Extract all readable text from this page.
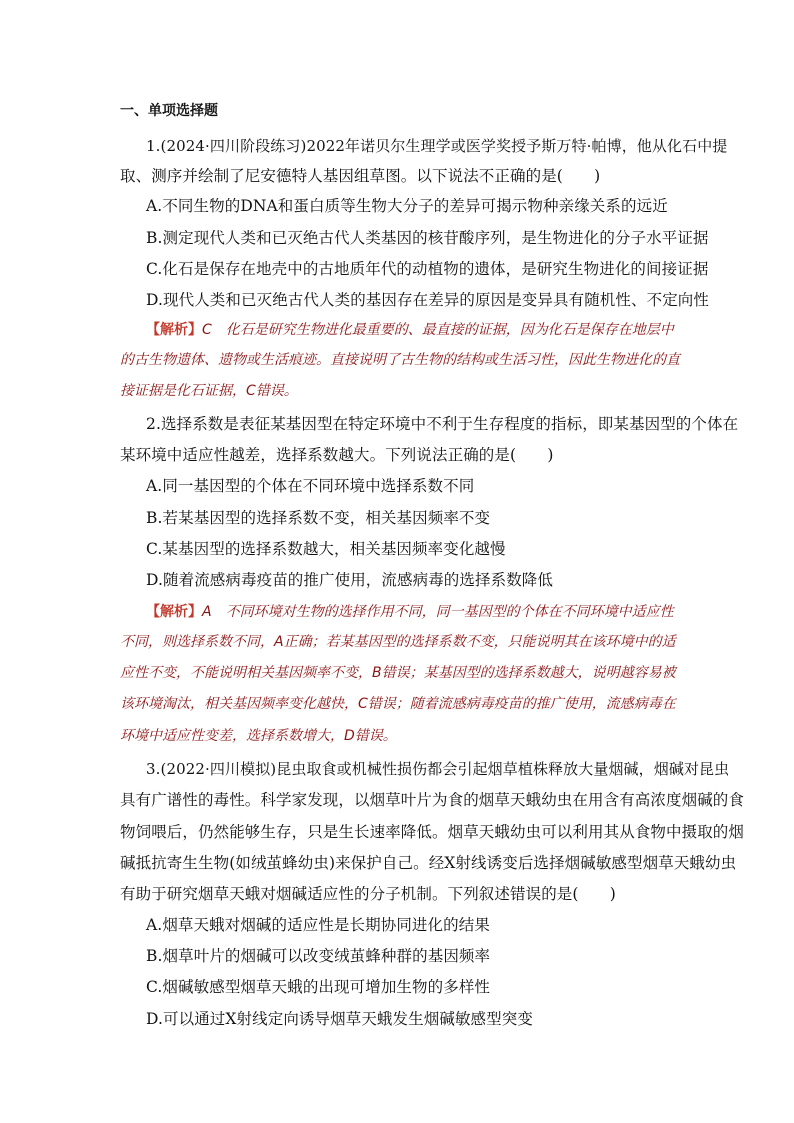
一、单项选择题
1.(2024·四川阶段练习)2022年诺贝尔生理学或医学奖授予斯万特·帕博，他从化石中提
取、测序并绘制了尼安德特人基因组草图。以下说法不正确的是(　　)
A.不同生物的DNA和蛋白质等生物大分子的差异可揭示物种亲缘关系的远近
B.测定现代人类和已灭绝古代人类基因的核苷酸序列，是生物进化的分子水平证据
C.化石是保存在地壳中的古地质年代的动植物的遗体，是研究生物进化的间接证据
D.现代人类和已灭绝古代人类的基因存在差异的原因是变异具有随机性、不定向性
【解析】C　化石是研究生物进化最重要的、最直接的证据，因为化石是保存在地层中
的古生物遗体、遗物或生活痕迹。直接说明了古生物的结构或生活习性，因此生物进化的直
接证据是化石证据，C错误。
2.选择系数是表征某基因型在特定环境中不利于生存程度的指标，即某基因型的个体在
某环境中适应性越差，选择系数越大。下列说法正确的是(　　)
A.同一基因型的个体在不同环境中选择系数不同
B.若某基因型的选择系数不变，相关基因频率不变
C.某基因型的选择系数越大，相关基因频率变化越慢
D.随着流感病毒疫苗的推广使用，流感病毒的选择系数降低
【解析】A　不同环境对生物的选择作用不同，同一基因型的个体在不同环境中适应性
不同，则选择系数不同，A正确；若某基因型的选择系数不变，只能说明其在该环境中的适
应性不变，不能说明相关基因频率不变，B错误；某基因型的选择系数越大，说明越容易被
该环境淘汰，相关基因频率变化越快，C错误；随着流感病毒疫苗的推广使用，流感病毒在
环境中适应性变差，选择系数增大，D错误。
3.(2022·四川模拟)昆虫取食或机械性损伤都会引起烟草植株释放大量烟碱，烟碱对昆虫
具有广谱性的毒性。科学家发现，以烟草叶片为食的烟草天蛾幼虫在用含有高浓度烟碱的食
物饲喂后，仍然能够生存，只是生长速率降低。烟草天蛾幼虫可以利用其从食物中摄取的烟
碱抵抗寄生生物(如绒茧蜂幼虫)来保护自己。经X射线诱变后选择烟碱敏感型烟草天蛾幼虫
有助于研究烟草天蛾对烟碱适应性的分子机制。下列叙述错误的是(　　)
A.烟草天蛾对烟碱的适应性是长期协同进化的结果
B.烟草叶片的烟碱可以改变绒茧蜂种群的基因频率
C.烟碱敏感型烟草天蛾的出现可增加生物的多样性
D.可以通过X射线定向诱导烟草天蛾发生烟碱敏感型突变
